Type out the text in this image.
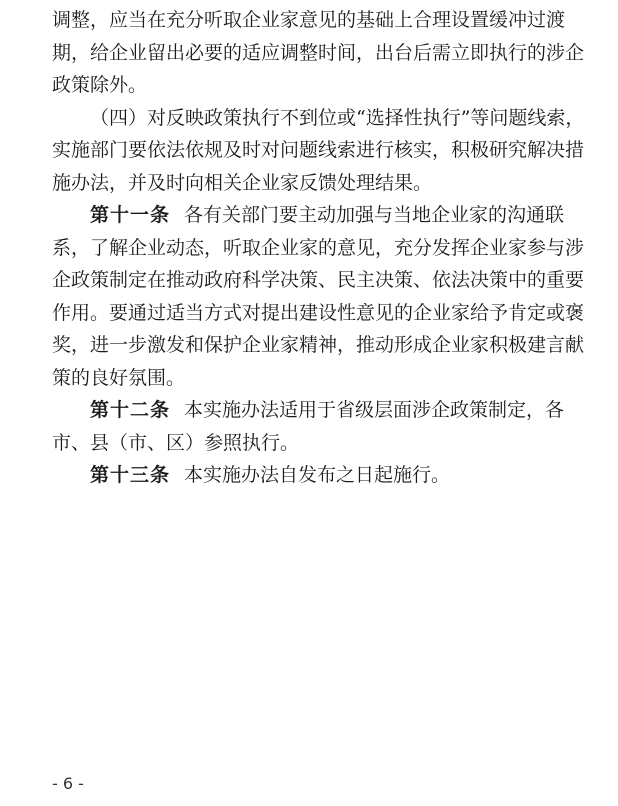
调整，应当在充分听取企业家意见的基础上合理设置缓冲过渡
期，给企业留出必要的适应调整时间，出台后需立即执行的涉企
政策除外。
（四）对反映政策执行不到位或“选择性执行”等问题线索，
实施部门要依法依规及时对问题线索进行核实，积极研究解决措
施办法，并及时向相关企业家反馈处理结果。
第十一条 各有关部门要主动加强与当地企业家的沟通联
系，了解企业动态，听取企业家的意见，充分发挥企业家参与涉
企政策制定在推动政府科学决策、民主决策、依法决策中的重要
作用。要通过适当方式对提出建设性意见的企业家给予肯定或褒
奖，进一步激发和保护企业家精神，推动形成企业家积极建言献
策的良好氛围。
第十二条 本实施办法适用于省级层面涉企政策制定，各
市、县（市、区）参照执行。
第十三条 本实施办法自发布之日起施行。
- 6 -
